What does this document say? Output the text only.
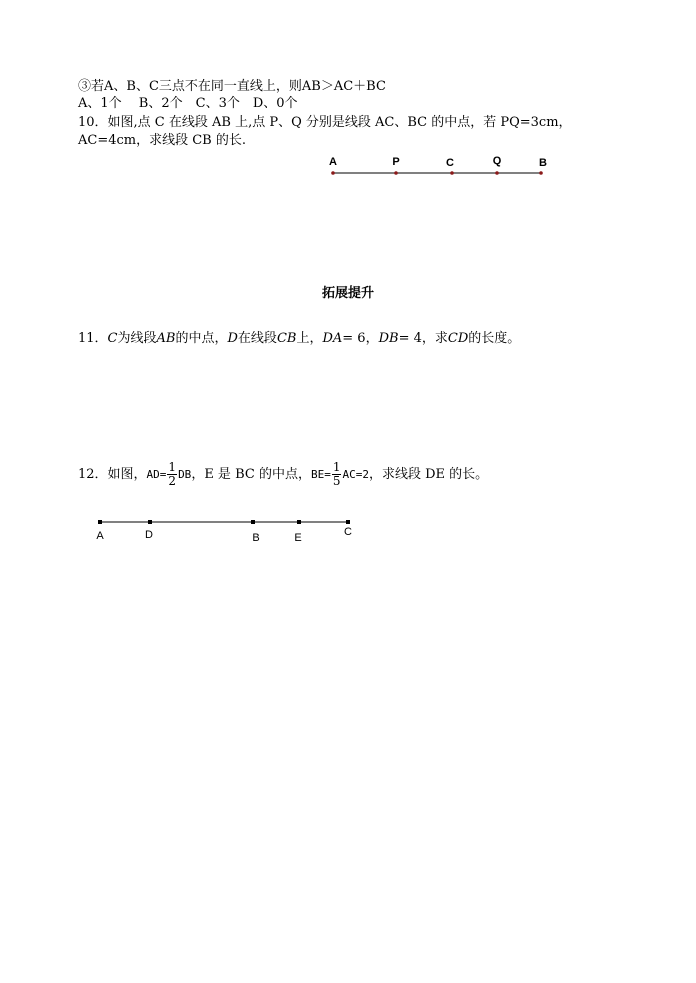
③若A、B、C三点不在同一直线上，则AB＞AC＋BC
A、1个　 B、2个　C、3个　D、0个
10．如图,点 C 在线段 AB 上,点 P、Q 分别是线段 AC、BC 的中点，若 PQ=3cm，
AC=4cm，求线段 CB 的长.
A	P	C	Q	B
A	D	B	E	C
拓展提升
11．C为线段AB的中点，D在线段CB上，DA= 6，DB= 4，求CD的长度。
12．如图，$AD= \frac{1}{2}$ DB，E 是 BC 的中点，$BE= \frac{1}{5} AC=2$，求线段 DE 的长。
